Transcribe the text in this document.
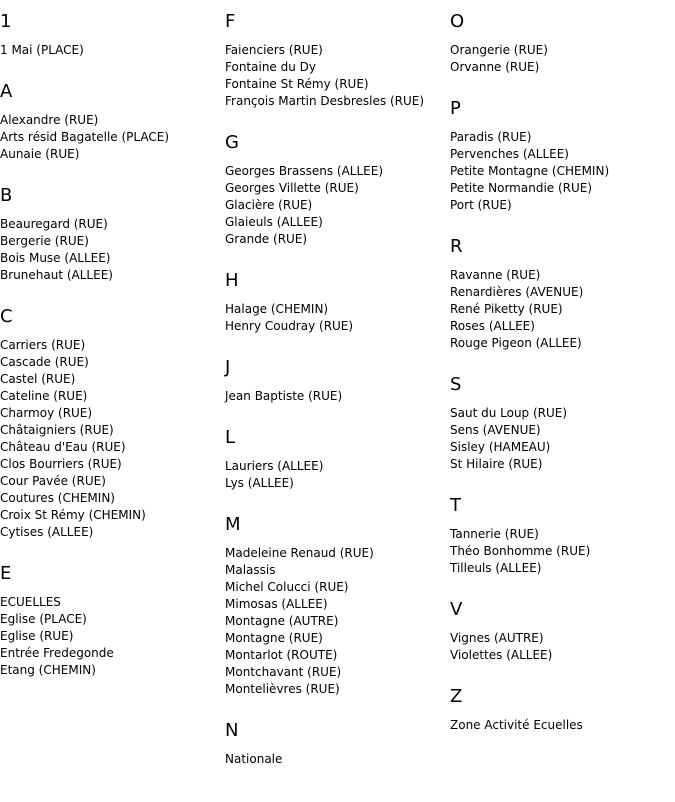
1
1 Mai (PLACE)
A
Alexandre (RUE)
Arts résid Bagatelle (PLACE)
Aunaie (RUE)
B
Beauregard (RUE)
Bergerie (RUE)
Bois Muse (ALLEE)
Brunehaut (ALLEE)
C
Carriers (RUE)
Cascade (RUE)
Castel (RUE)
Cateline (RUE)
Charmoy (RUE)
Châtaigniers (RUE)
Château d'Eau (RUE)
Clos Bourriers (RUE)
Cour Pavée (RUE)
Coutures (CHEMIN)
Croix St Rémy (CHEMIN)
Cytises (ALLEE)
E
ECUELLES
Eglise (PLACE)
Eglise (RUE)
Entrée Fredegonde
Etang (CHEMIN)
F
Faienciers (RUE)
Fontaine du Dy
Fontaine St Rémy (RUE)
François Martin Desbresles (RUE)
G
Georges Brassens (ALLEE)
Georges Villette (RUE)
Glacière (RUE)
Glaieuls (ALLEE)
Grande (RUE)
H
Halage (CHEMIN)
Henry Coudray (RUE)
J
Jean Baptiste (RUE)
L
Lauriers (ALLEE)
Lys (ALLEE)
M
Madeleine Renaud (RUE)
Malassis
Michel Colucci (RUE)
Mimosas (ALLEE)
Montagne (AUTRE)
Montagne (RUE)
Montarlot (ROUTE)
Montchavant (RUE)
Montelièvres (RUE)
N
Nationale
O
Orangerie (RUE)
Orvanne (RUE)
P
Paradis (RUE)
Pervenches (ALLEE)
Petite Montagne (CHEMIN)
Petite Normandie (RUE)
Port (RUE)
R
Ravanne (RUE)
Renardières (AVENUE)
René Piketty (RUE)
Roses (ALLEE)
Rouge Pigeon (ALLEE)
S
Saut du Loup (RUE)
Sens (AVENUE)
Sisley (HAMEAU)
St Hilaire (RUE)
T
Tannerie (RUE)
Théo Bonhomme (RUE)
Tilleuls (ALLEE)
V
Vignes (AUTRE)
Violettes (ALLEE)
Z
Zone Activité Ecuelles
